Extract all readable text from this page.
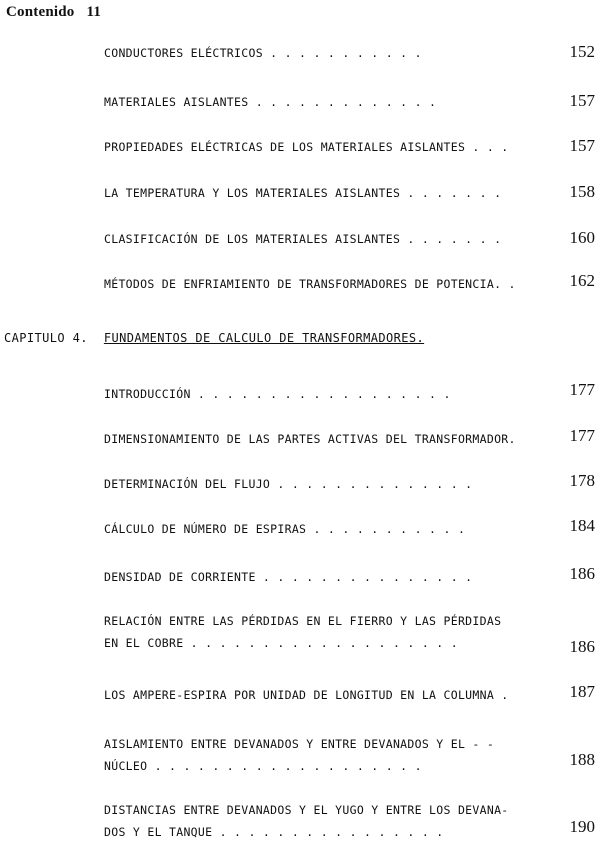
Contenido 11
CONDUCTORES ELÉCTRICOS . . . . . . . . . . .	152
MATERIALES AISLANTES . . . . . . . . . . . . .	157
PROPIEDADES ELÉCTRICAS DE LOS MATERIALES AISLANTES . . .	157
LA TEMPERATURA Y LOS MATERIALES AISLANTES . . . . . . .	158
CLASIFICACIÓN DE LOS MATERIALES AISLANTES . . . . . . .	160
MÉTODOS DE ENFRIAMIENTO DE TRANSFORMADORES DE POTENCIA. .	162
CAPITULO 4. FUNDAMENTOS DE CALCULO DE TRANSFORMADORES.
INTRODUCCIÓN . . . . . . . . . . . . . . . . . .	177
DIMENSIONAMIENTO DE LAS PARTES ACTIVAS DEL TRANSFORMADOR.	177
DETERMINACIÓN DEL FLUJO . . . . . . . . . . . . . .	178
CÁLCULO DE NÚMERO DE ESPIRAS . . . . . . . . . . .	184
DENSIDAD DE CORRIENTE . . . . . . . . . . . . . . .	186
RELACIÓN ENTRE LAS PÉRDIDAS EN EL FIERRO Y LAS PÉRDIDAS
EN EL COBRE . . . . . . . . . . . . . . . . . . .	186
LOS AMPERE-ESPIRA POR UNIDAD DE LONGITUD EN LA COLUMNA .	187
AISLAMIENTO ENTRE DEVANADOS Y ENTRE DEVANADOS Y EL - -
NÚCLEO . . . . . . . . . . . . . . . . . . .	188
DISTANCIAS ENTRE DEVANADOS Y EL YUGO Y ENTRE LOS DEVANA-
DOS Y EL TANQUE . . . . . . . . . . . . . . . .	190
